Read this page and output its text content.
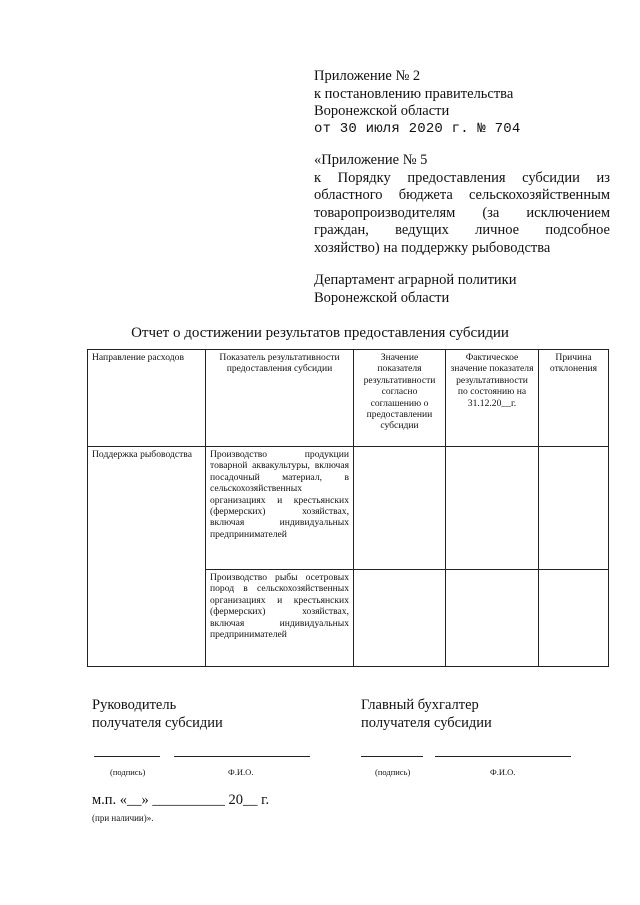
Приложение № 2
к постановлению правительства
Воронежской области
от 30 июля 2020 г. № 704
«Приложение № 5
к Порядку предоставления субсидии из областного бюджета сельскохозяйственным товаропроизводителям (за исключением граждан, ведущих личное подсобное хозяйство) на поддержку рыбоводства
Департамент аграрной политики
Воронежской области
Отчет о достижении результатов предоставления субсидии
Направление расходов	Показатель результативности предоставления субсидии	Значение показателя результативности согласно соглашению о предоставлении субсидии	Фактическое значение показателя результативности по состоянию на 31.12.20__г.	Причина отклонения
Поддержка рыбоводства	Производство продукции товарной аквакультуры, включая посадочный материал, в сельскохозяйственных организациях и крестьянских (фермерских) хозяйствах, включая индивидуальных предпринимателей			
	Производство рыбы осетровых пород в сельскохозяйственных организациях и крестьянских (фермерских) хозяйствах, включая индивидуальных предпринимателей			
Руководитель
получателя субсидии
Главный бухгалтер
получателя субсидии
(подпись)	Ф.И.О.	(подпись)	Ф.И.О.
м.п. «__» __________ 20__ г.
(при наличии)».
